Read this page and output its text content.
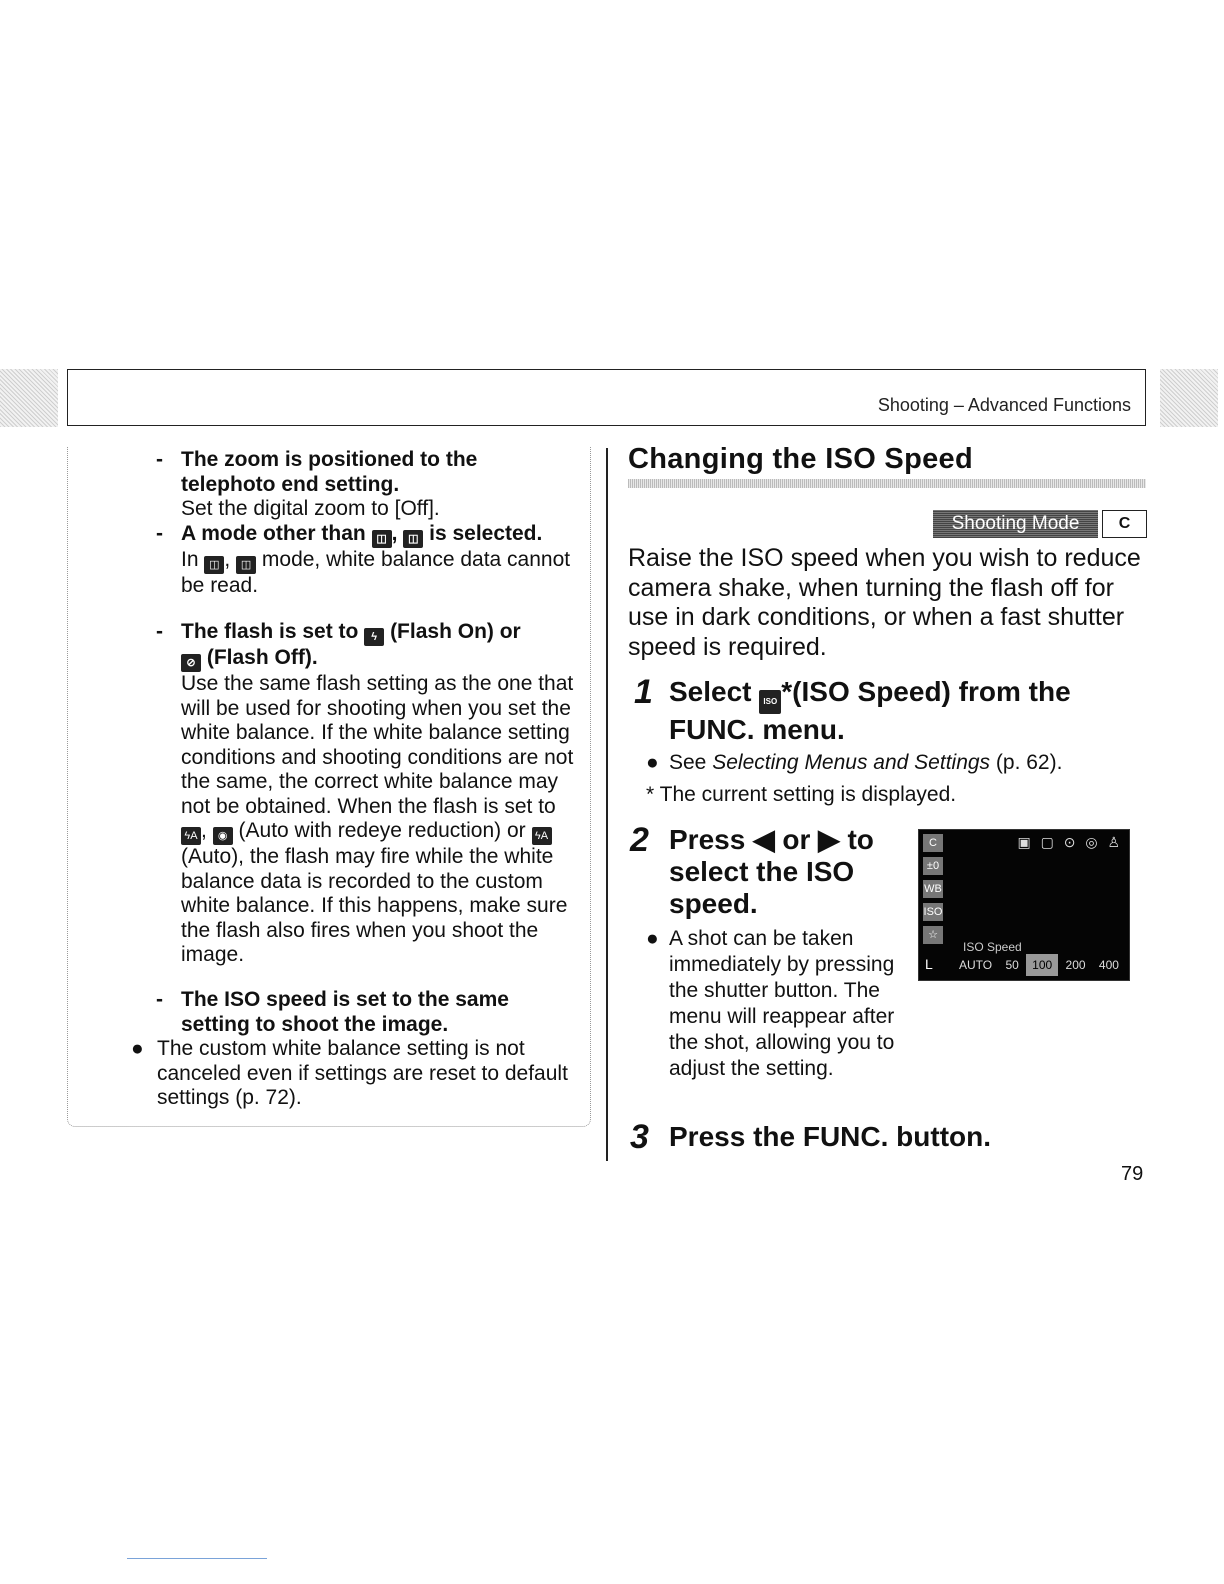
Shooting – Advanced Functions
- The zoom is positioned to the telephoto end setting.
Set the digital zoom to [Off].
- A mode other than ◫ , ◫ is selected.
In ◫ , ◫ mode, white balance data cannot be read.
- The flash is set to ϟ (Flash On) or
⊘ (Flash Off).
Use the same flash setting as the one that will be used for shooting when you set the white balance. If the white balance setting conditions and shooting conditions are not the same, the correct white balance may not be obtained. When the flash is set to ϟA , ◉ (Auto with redeye reduction) or ϟA (Auto), the flash may fire while the white balance data is recorded to the custom white balance. If this happens, make sure the flash also fires when you shoot the image.
- The ISO speed is set to the same setting to shoot the image.
● The custom white balance setting is not canceled even if settings are reset to default settings (p. 72).
Changing the ISO Speed
Shooting Mode	C
Raise the ISO speed when you wish to reduce camera shake, when turning the flash off for use in dark conditions, or when a fast shutter speed is required.
1 Select ISO *(ISO Speed) from the FUNC. menu.
● See Selecting Menus and Settings (p. 62).
* The current setting is displayed.
2 Press ◀ or ▶ to select the ISO speed.
● A shot can be taken immediately by pressing the shutter button. The menu will reappear after the shot, allowing you to adjust the setting.
C
±0
WB
ISO
☆
▣ ▢ ⊙ ◎ ♙
ISO Speed
L	AUTO	50	100	200	400
3 Press the FUNC. button.
79
